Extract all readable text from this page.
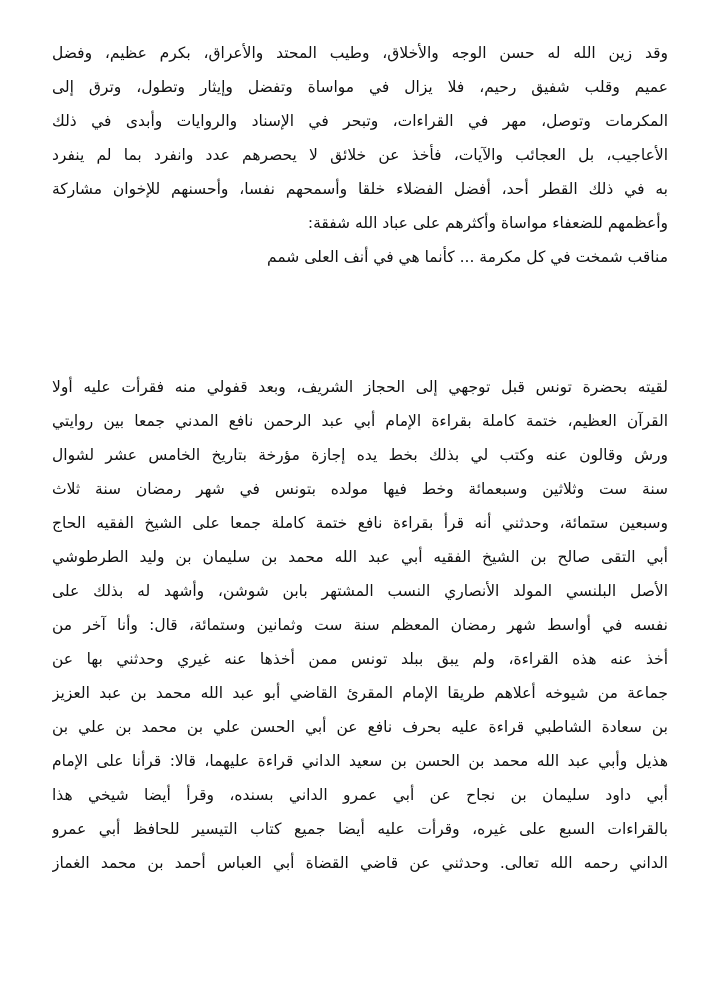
وقد زين الله له حسن الوجه والأخلاق، وطيب المحتد والأعراق، بكرم عظيم، وفضل
عميم وقلب شفيق رحيم، فلا يزال في مواساة وتفضل وإيثار وتطول، وترق إلى
المكرمات وتوصل، مهر في القراءات، وتبحر في الإسناد والروايات وأبدى في ذلك
الأعاجيب، بل العجائب والآيات، فأخذ عن خلائق لا يحصرهم عدد وانفرد بما لم ينفرد
به في ذلك القطر أحد، أفضل الفضلاء خلقا وأسمحهم نفسا، وأحسنهم للإخوان مشاركة
وأعظمهم للضعفاء مواساة وأكثرهم على عباد الله شفقة:
مناقب شمخت في كل مكرمة ... كأنما هي في أنف العلى شمم
لقيته بحضرة تونس قبل توجهي إلى الحجاز الشريف، وبعد قفولي منه فقرأت عليه أولا
القرآن العظيم، ختمة كاملة بقراءة الإمام أبي عبد الرحمن نافع المدني جمعا بين روايتي
ورش وقالون عنه وكتب لي بذلك بخط يده إجازة مؤرخة بتاريخ الخامس عشر لشوال
سنة ست وثلاثين وسبعمائة وخط فيها مولده بتونس في شهر رمضان سنة ثلاث
وسبعين ستمائة، وحدثني أنه قرأ بقراءة نافع ختمة كاملة جمعا على الشيخ الفقيه الحاج
أبي التقى صالح بن الشيخ الفقيه أبي عبد الله محمد بن سليمان بن وليد الطرطوشي
الأصل البلنسي المولد الأنصاري النسب المشتهر بابن شوشن، وأشهد له بذلك على
نفسه في أواسط شهر رمضان المعظم سنة ست وثمانين وستمائة، قال: وأنا آخر من
أخذ عنه هذه القراءة، ولم يبق ببلد تونس ممن أخذها عنه غيري وحدثني بها عن
جماعة من شيوخه أعلاهم طريقا الإمام المقرئ القاضي أبو عبد الله محمد بن عبد العزيز
بن سعادة الشاطبي قراءة عليه بحرف نافع عن أبي الحسن علي بن محمد بن علي بن
هذيل وأبي عبد الله محمد بن الحسن بن سعيد الداني قراءة عليهما، قالا: قرأنا على الإمام
أبي داود سليمان بن نجاح عن أبي عمرو الداني بسنده، وقرأ أيضا شيخي هذا
بالقراءات السبع على غيره، وقرأت عليه أيضا جميع كتاب التيسير للحافظ أبي عمرو
الداني رحمه الله تعالى. وحدثني عن قاضي القضاة أبي العباس أحمد بن محمد الغماز
